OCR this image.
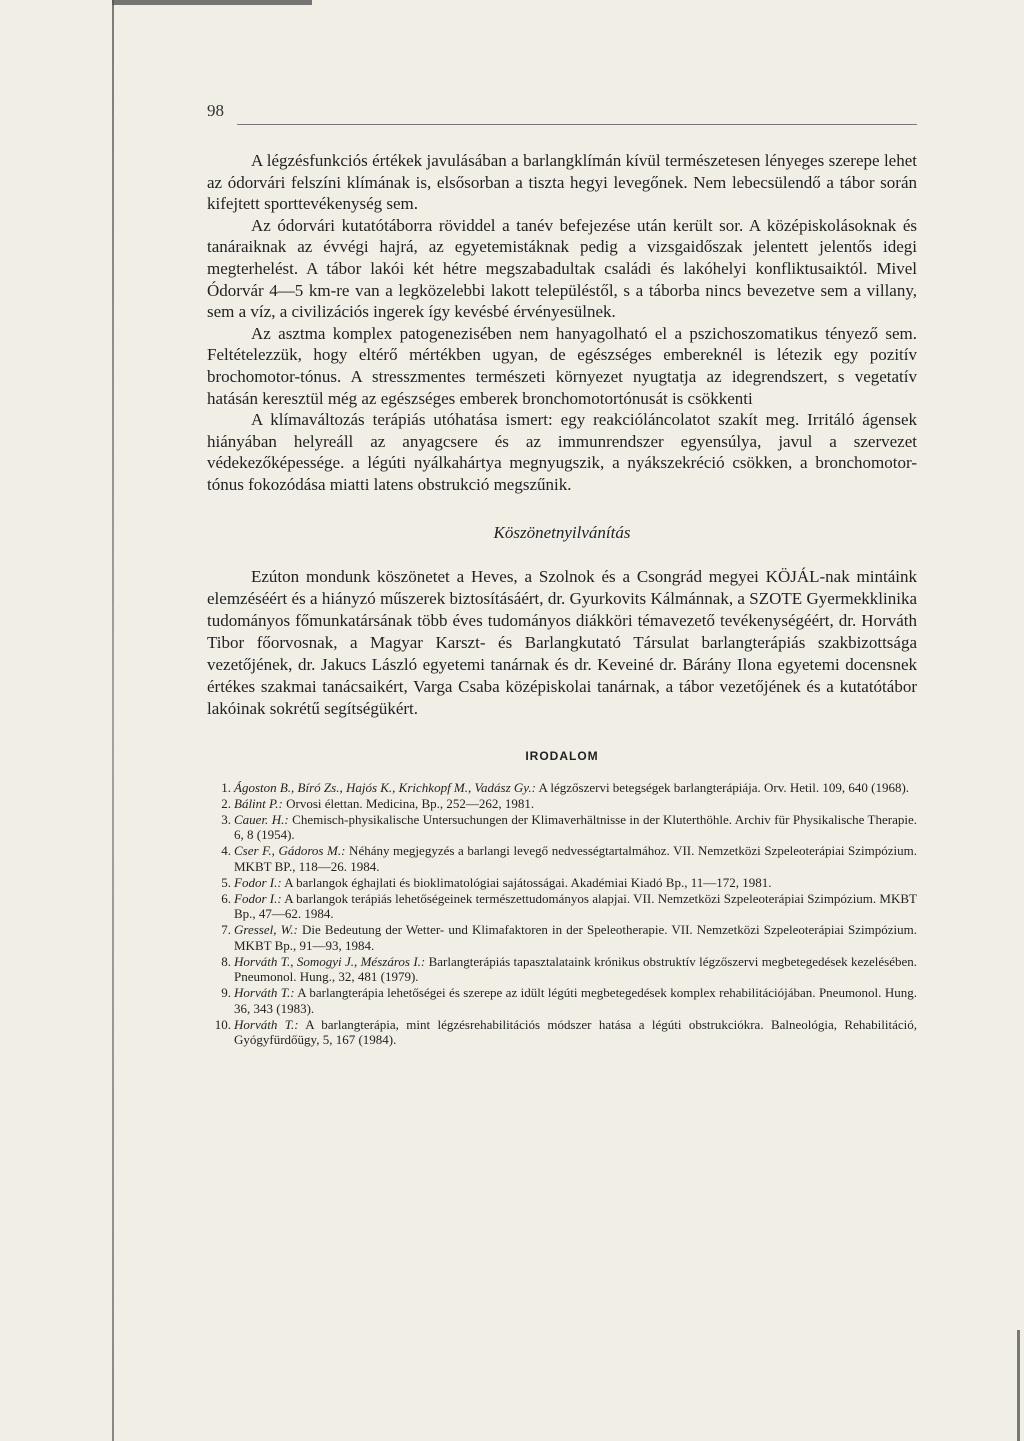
98

A légzésfunkciós értékek javulásában a barlangklímán kívül természetesen lényeges szerepe lehet az ódorvári felszíni klímának is, elsősorban a tiszta hegyi levegőnek. Nem lebecsülendő a tábor során kifejtett sporttevékenység sem.

Az ódorvári kutatótáborra röviddel a tanév befejezése után került sor. A középiskolásoknak és tanáraiknak az évvégi hajrá, az egyetemistáknak pedig a vizsgaidőszak jelentett jelentős idegi megterhelést. A tábor lakói két hétre megszabadultak családi és lakóhelyi konfliktusaiktól. Mivel Ódorvár 4—5 km-re van a legközelebbi lakott településtől, s a táborba nincs bevezetve sem a villany, sem a víz, a civilizációs ingerek így kevésbé érvényesülnek.

Az asztma komplex patogenezisében nem hanyagolható el a pszichoszomatikus tényező sem. Feltételezzük, hogy eltérő mértékben ugyan, de egészséges embereknél is létezik egy pozitív brochomotor-tónus. A stresszmentes természeti környezet nyugtatja az idegrendszert, s vegetatív hatásán keresztül még az egészséges emberek bronchomotortónusát is csökkenti

A klímaváltozás terápiás utóhatása ismert: egy reakcióláncolatot szakít meg. Irritáló ágensek hiányában helyreáll az anyagcsere és az immunrendszer egyensúlya, javul a szervezet védekezőképessége. a légúti nyálkahártya megnyugszik, a nyákszekréció csökken, a bronchomotor-tónus fokozódása miatti latens obstrukció megszűnik.

Köszönetnyilvánítás

Ezúton mondunk köszönetet a Heves, a Szolnok és a Csongrád megyei KÖJÁL-nak mintáink elemzéséért és a hiányzó műszerek biztosításáért, dr. Gyurkovits Kálmánnak, a SZOTE Gyermekklinika tudományos főmunkatársának több éves tudományos diákköri témavezető tevékenységéért, dr. Horváth Tibor főorvosnak, a Magyar Karszt- és Barlangkutató Társulat barlangterápiás szakbizottsága vezetőjének, dr. Jakucs László egyetemi tanárnak és dr. Keveiné dr. Bárány Ilona egyetemi docensnek értékes szakmai tanácsaikért, Varga Csaba középiskolai tanárnak, a tábor vezetőjének és a kutatótábor lakóinak sokrétű segítségükért.

IRODALOM
1. Ágoston B., Bíró Zs., Hajós K., Krichkopf M., Vadász Gy.: A légzőszervi betegségek barlangterápiája. Orv. Hetil. 109, 640 (1968).
2. Bálint P.: Orvosi élettan. Medicina, Bp., 252—262, 1981.
3. Cauer. H.: Chemisch-physikalische Untersuchungen der Klimaverhältnisse in der Kluterthöhle. Archiv für Physikalische Therapie. 6, 8 (1954).
4. Cser F., Gádoros M.: Néhány megjegyzés a barlangi levegő nedvességtartalmához. VII. Nemzetközi Szpeleoterápiai Szimpózium. MKBT BP., 118—26. 1984.
5. Fodor I.: A barlangok éghajlati és bioklimatológiai sajátosságai. Akadémiai Kiadó Bp., 11—172, 1981.
6. Fodor I.: A barlangok terápiás lehetőségeinek természettudományos alapjai. VII. Nemzetközi Szpeleoterápiai Szimpózium. MKBT Bp., 47—62. 1984.
7. Gressel, W.: Die Bedeutung der Wetter- und Klimafaktoren in der Speleotherapie. VII. Nemzetközi Szpeleoterápiai Szimpózium. MKBT Bp., 91—93, 1984.
8. Horváth T., Somogyi J., Mészáros I.: Barlangterápiás tapasztalataink krónikus obstruktív légzőszervi megbetegedések kezelésében. Pneumonol. Hung., 32, 481 (1979).
9. Horváth T.: A barlangterápia lehetőségei és szerepe az idült légúti megbetegedések komplex rehabilitációjában. Pneumonol. Hung. 36, 343 (1983).
10. Horváth T.: A barlangterápia, mint légzésrehabilitációs módszer hatása a légúti obstrukciókra. Balneológia, Rehabilitáció, Gyógyfürdőügy, 5, 167 (1984).
